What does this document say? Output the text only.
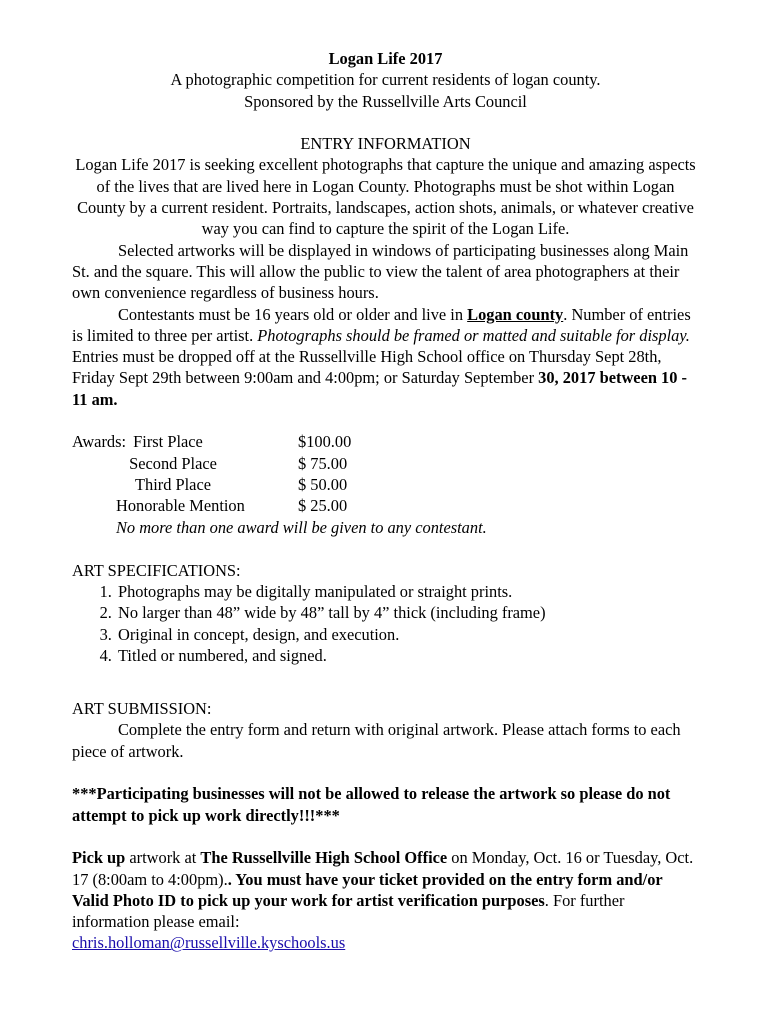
Logan Life 2017
A photographic competition for current residents of logan county.
Sponsored by the Russellville Arts Council
ENTRY INFORMATION
Logan Life 2017 is seeking excellent photographs that capture the unique and amazing aspects of the lives that are lived here in Logan County. Photographs must be shot within Logan County by a current resident. Portraits, landscapes, action shots, animals, or whatever creative way you can find to capture the spirit of the Logan Life.
Selected artworks will be displayed in windows of participating businesses along Main St. and the square. This will allow the public to view the talent of area photographers at their own convenience regardless of business hours.
Contestants must be 16 years old or older and live in Logan county. Number of entries is limited to three per artist. Photographs should be framed or matted and suitable for display. Entries must be dropped off at the Russellville High School office on Thursday Sept 28th, Friday Sept 29th between 9:00am and 4:00pm; or Saturday September 30, 2017 between 10 - 11 am.
Awards: First Place	$100.00
Second Place	$ 75.00
Third Place	$ 50.00
Honorable Mention	$ 25.00
No more than one award will be given to any contestant.
ART SPECIFICATIONS:
1. Photographs may be digitally manipulated or straight prints.
2. No larger than 48” wide by 48” tall by 4” thick (including frame)
3. Original in concept, design, and execution.
4. Titled or numbered, and signed.
ART SUBMISSION:
Complete the entry form and return with original artwork. Please attach forms to each piece of artwork.
***Participating businesses will not be allowed to release the artwork so please do not attempt to pick up work directly!!!***
Pick up artwork at The Russellville High School Office on Monday, Oct. 16 or Tuesday, Oct. 17 (8:00am to 4:00pm).. You must have your ticket provided on the entry form and/or Valid Photo ID to pick up your work for artist verification purposes. For further information please email:
chris.holloman@russellville.kyschools.us
